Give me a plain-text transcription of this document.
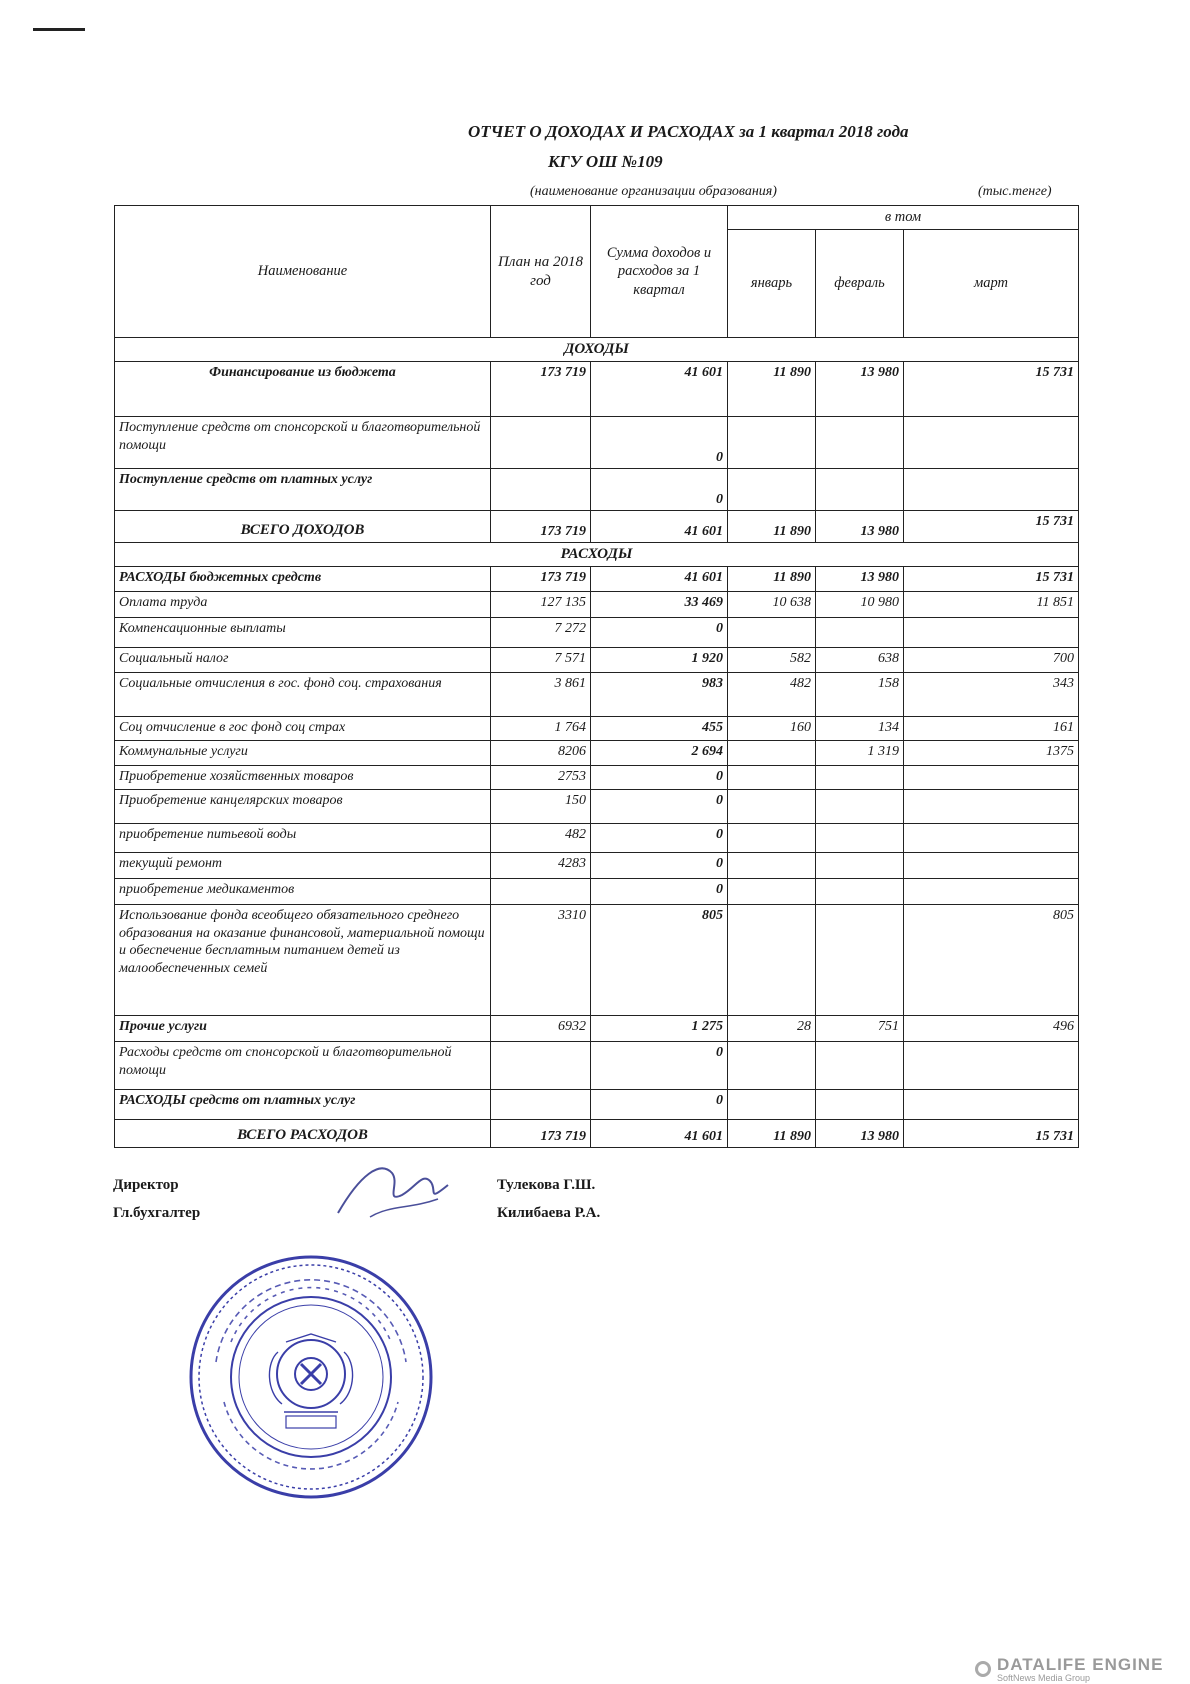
ОТЧЕТ О ДОХОДАХ И РАСХОДАХ за 1 квартал 2018 года
КГУ ОШ №109
(наименование организации образования)	(тыс.тенге)
Наименование	План на 2018 год	Сумма доходов и расходов за 1 квартал	в том		
			январь	февраль	март
ДОХОДЫ					
Финансирование из бюджета	173 719	41 601	11 890	13 980	15 731
Поступление средств от спонсорской и благотворительной помощи		0			
Поступление средств от платных услуг		0			
ВСЕГО ДОХОДОВ	173 719	41 601	11 890	13 980	15 731
РАСХОДЫ					
РАСХОДЫ бюджетных средств	173 719	41 601	11 890	13 980	15 731
Оплата труда	127 135	33 469	10 638	10 980	11 851
Компенсационные выплаты	7 272	0			
Социальный налог	7 571	1 920	582	638	700
Социальные отчисления в гос. фонд соц. страхования	3 861	983	482	158	343
Соц отчисление в гос фонд соц страх	1 764	455	160	134	161
Коммунальные услуги	8206	2 694		1 319	1375
Приобретение хозяйственных товаров	2753	0			
Приобретение канцелярских товаров	150	0			
приобретение питьевой воды	482	0			
текущий ремонт	4283	0			
приобретение медикаментов		0			
Использование фонда всеобщего обязательного среднего образования на оказание финансовой, материальной помощи и обеспечение бесплатным питанием детей из малообеспеченных семей	3310	805			805
Прочие услуги	6932	1 275	28	751	496
Расходы средств от спонсорской и благотворительной помощи		0			
РАСХОДЫ средств от платных услуг		0			
ВСЕГО РАСХОДОВ	173 719	41 601	11 890	13 980	15 731
Директор	Тулекова Г.Ш.
Гл.бухгалтер	Килибаева Р.А.
DATALIFE ENGINE
SoftNews Media Group
